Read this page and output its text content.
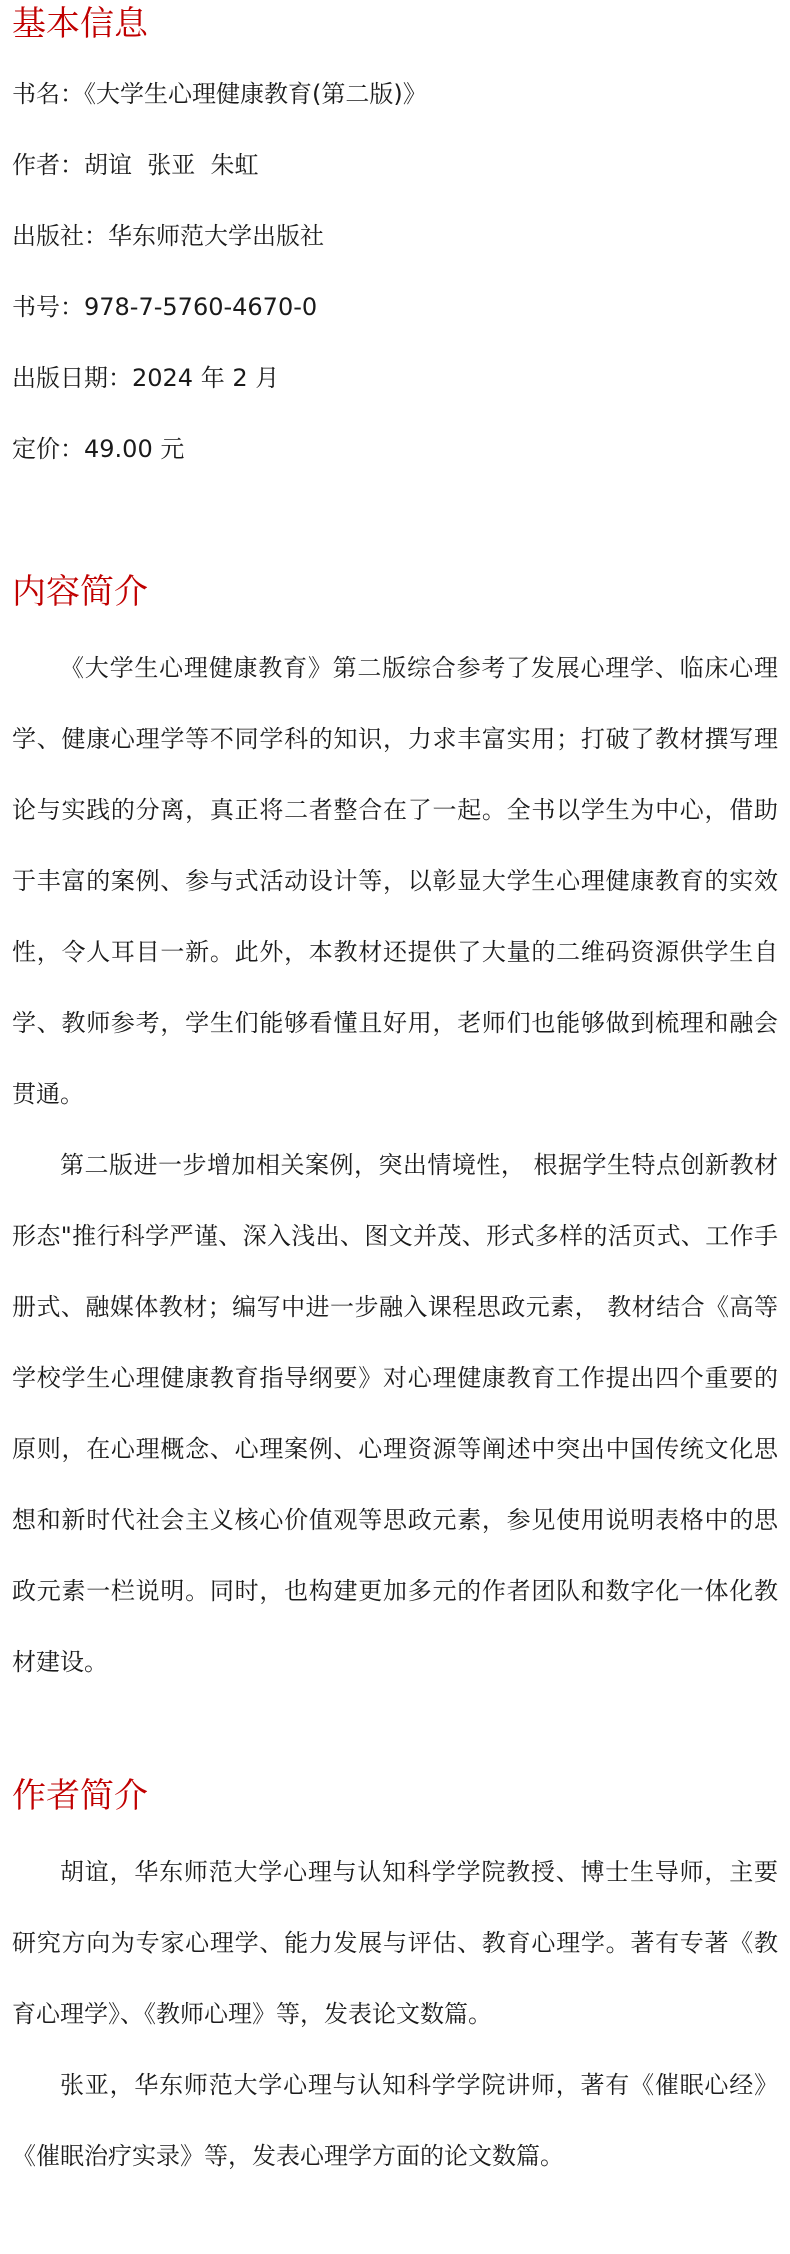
基本信息

书名：《大学生心理健康教育(第二版)》

作者：胡谊  张亚  朱虹

出版社：华东师范大学出版社

书号：978-7-5760-4670-0

出版日期：2024 年 2 月

定价：49.00 元

内容简介

《大学生心理健康教育》第二版综合参考了发展心理学、临床心理学、健康心理学等不同学科的知识，力求丰富实用；打破了教材撰写理论与实践的分离，真正将二者整合在了一起。全书以学生为中心，借助于丰富的案例、参与式活动设计等，以彰显大学生心理健康教育的实效性，令人耳目一新。此外，本教材还提供了大量的二维码资源供学生自学、教师参考，学生们能够看懂且好用，老师们也能够做到梳理和融会贯通。

第二版进一步增加相关案例，突出情境性， 根据学生特点创新教材形态"推行科学严谨、深入浅出、图文并茂、形式多样的活页式、工作手册式、融媒体教材；编写中进一步融入课程思政元素， 教材结合《高等学校学生心理健康教育指导纲要》对心理健康教育工作提出四个重要的原则，在心理概念、心理案例、心理资源等阐述中突出中国传统文化思想和新时代社会主义核心价值观等思政元素，参见使用说明表格中的思政元素一栏说明。同时，也构建更加多元的作者团队和数字化一体化教材建设。

作者简介

胡谊，华东师范大学心理与认知科学学院教授、博士生导师，主要研究方向为专家心理学、能力发展与评估、教育心理学。著有专著《教育心理学》、《教师心理》等，发表论文数篇。

张亚，华东师范大学心理与认知科学学院讲师，著有《催眠心经》《催眠治疗实录》等，发表心理学方面的论文数篇。
